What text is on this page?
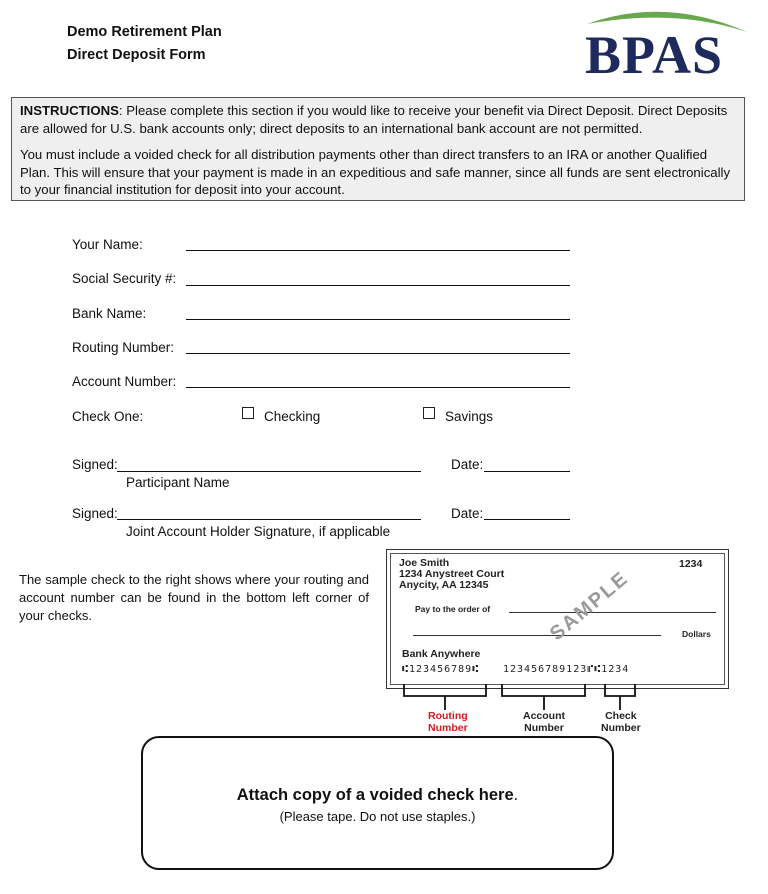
Demo Retirement Plan
Direct Deposit Form	BPAS

INSTRUCTIONS: Please complete this section if you would like to receive your benefit via Direct Deposit. Direct Deposits are allowed for U.S. bank accounts only; direct deposits to an international bank account are not permitted.

You must include a voided check for all distribution payments other than direct transfers to an IRA or another Qualified Plan. This will ensure that your payment is made in an expeditious and safe manner, since all funds are sent electronically to your financial institution for deposit into your account.

Your Name:
Social Security #:
Bank Name:
Routing Number:
Account Number:
Check One:	Checking	Savings
Signed:	Date:
Participant Name
Signed:	Date:
Joint Account Holder Signature, if applicable
The sample check to the right shows where your routing and account number can be found in the bottom left corner of your checks.
Joe Smith
1234 Anystreet Court
Anycity, AA 12345
1234
Pay to the order of
Dollars
SAMPLE
Bank Anywhere
⑆123456789⑆ 123456789123⑈⑆1234
Routing
Number
Account
Number
Check
Number
Attach copy of a voided check here.
(Please tape. Do not use staples.)
